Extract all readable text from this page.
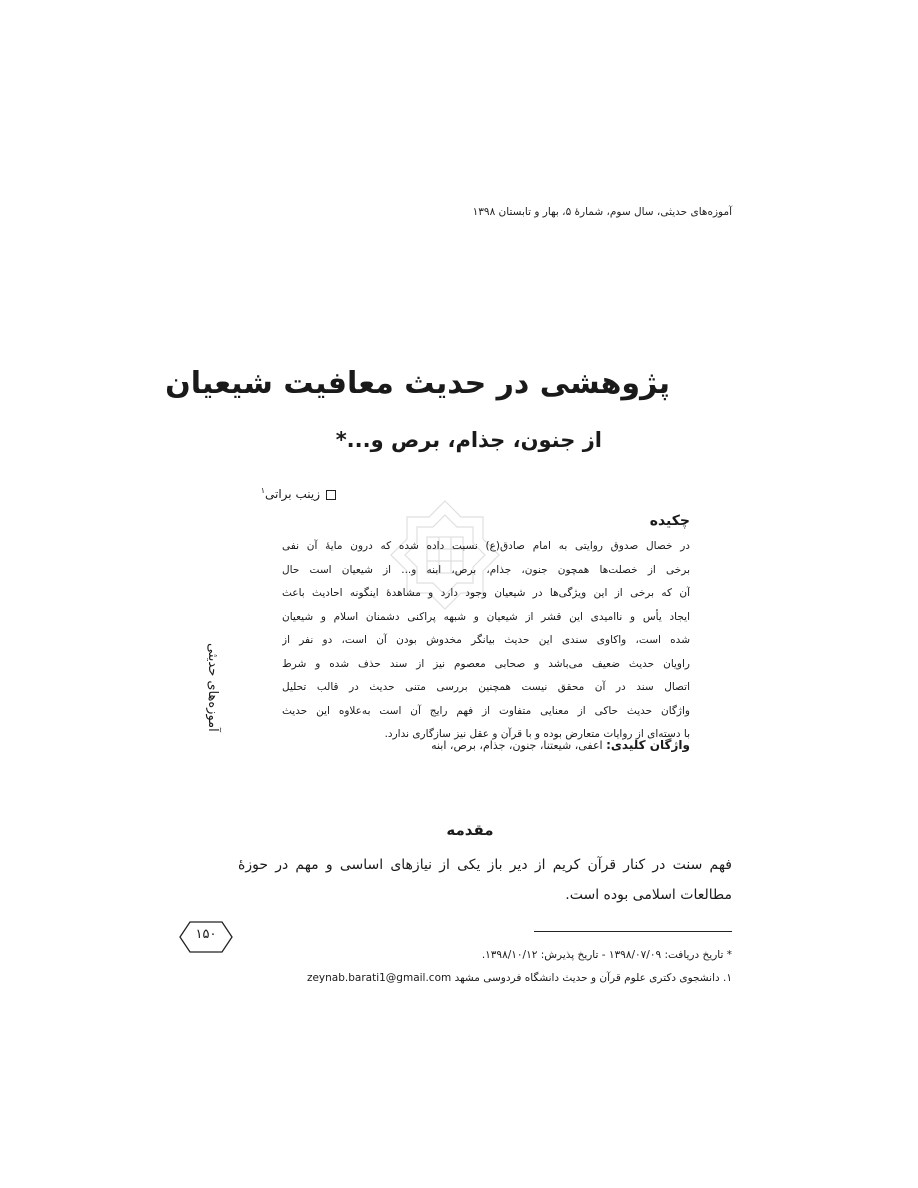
آموزه‌های حدیثی، سال سوم، شمارهٔ ۵، بهار و تابستان ۱۳۹۸
پژوهشی در حدیث معافیت شیعیان
از جنون، جذام، برص و...*
زینب براتی$^۱$
چکیده
در خصال صدوق روایتی به امام صادق(ع) نسبت داده شده که درون مایهٔ آن نفی
برخی از خصلت‌ها همچون جنون، جذام، برص، ابنه و... از شیعیان است حال
آن که برخی از این ویژگی‌ها در شیعیان وجود دارد و مشاهدهٔ اینگونه احادیث باعث
ایجاد یأس و ناامیدی این قشر از شیعیان و شبهه پراکنی دشمنان اسلام و شیعیان
شده است، واکاوی سندی این حدیث بیانگر مخدوش بودن آن است، دو نفر از
راویان حدیث ضعیف می‌باشد و صحابی معصوم نیز از سند حذف شده و شرط
اتصال سند در آن محقق نیست همچنین بررسی متنی حدیث در قالب تحلیل
واژگان حدیث حاکی از معنایی متفاوت از فهم رایج آن است به‌علاوه این حدیث
با دسته‌ای از روایات متعارض بوده و با قرآن و عقل نیز سازگاری ندارد.
واژگان کلیدی: اعفی، شیعتنا، جنون، جذام، برص، ابنه
آموزه‌های حدیثی
مقدمه
فهم سنت در کنار قرآن کریم از دیر باز یکی از نیازهای اساسی و مهم در حوزهٔ
مطالعات اسلامی بوده است.
۱۵۰
* تاریخ دریافت: ۱۳۹۸/۰۷/۰۹ - تاریخ پذیرش: ۱۳۹۸/۱۰/۱۲.
۱. دانشجوی دکتری علوم قرآن و حدیث دانشگاه فردوسی مشهد zeynab.barati1@gmail.com
